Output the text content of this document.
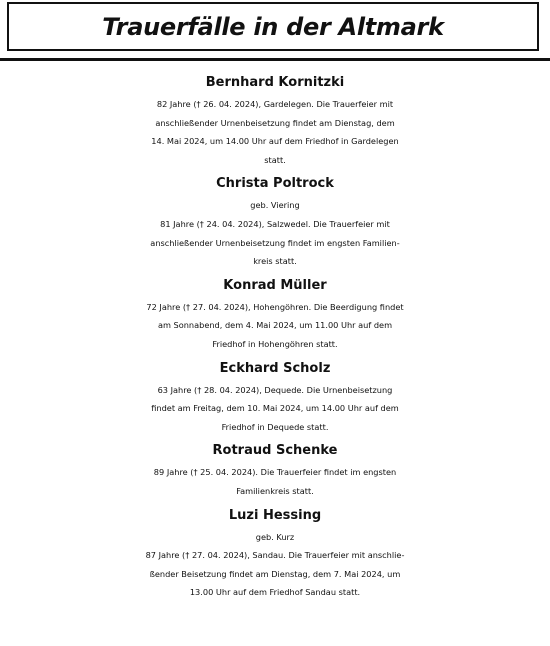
Trauerfälle in der Altmark
Bernhard Kornitzki
82 Jahre († 26. 04. 2024), Gardelegen. Die Trauerfeier mit
anschließender Urnenbeisetzung findet am Dienstag, dem
14. Mai 2024, um 14.00 Uhr auf dem Friedhof in Gardelegen
statt.
Christa Poltrock
geb. Viering
81 Jahre († 24. 04. 2024), Salzwedel. Die Trauerfeier mit
anschließender Urnenbeisetzung findet im engsten Familien-
kreis statt.
Konrad Müller
72 Jahre († 27. 04. 2024), Hohengöhren. Die Beerdigung findet
am Sonnabend, dem 4. Mai 2024, um 11.00 Uhr auf dem
Friedhof in Hohengöhren statt.
Eckhard Scholz
63 Jahre († 28. 04. 2024), Dequede. Die Urnenbeisetzung
findet am Freitag, dem 10. Mai 2024, um 14.00 Uhr auf dem
Friedhof in Dequede statt.
Rotraud Schenke
89 Jahre († 25. 04. 2024). Die Trauerfeier findet im engsten
Familienkreis statt.
Luzi Hessing
geb. Kurz
87 Jahre († 27. 04. 2024), Sandau. Die Trauerfeier mit anschlie-
ßender Beisetzung findet am Dienstag, dem 7. Mai 2024, um
13.00 Uhr auf dem Friedhof Sandau statt.
